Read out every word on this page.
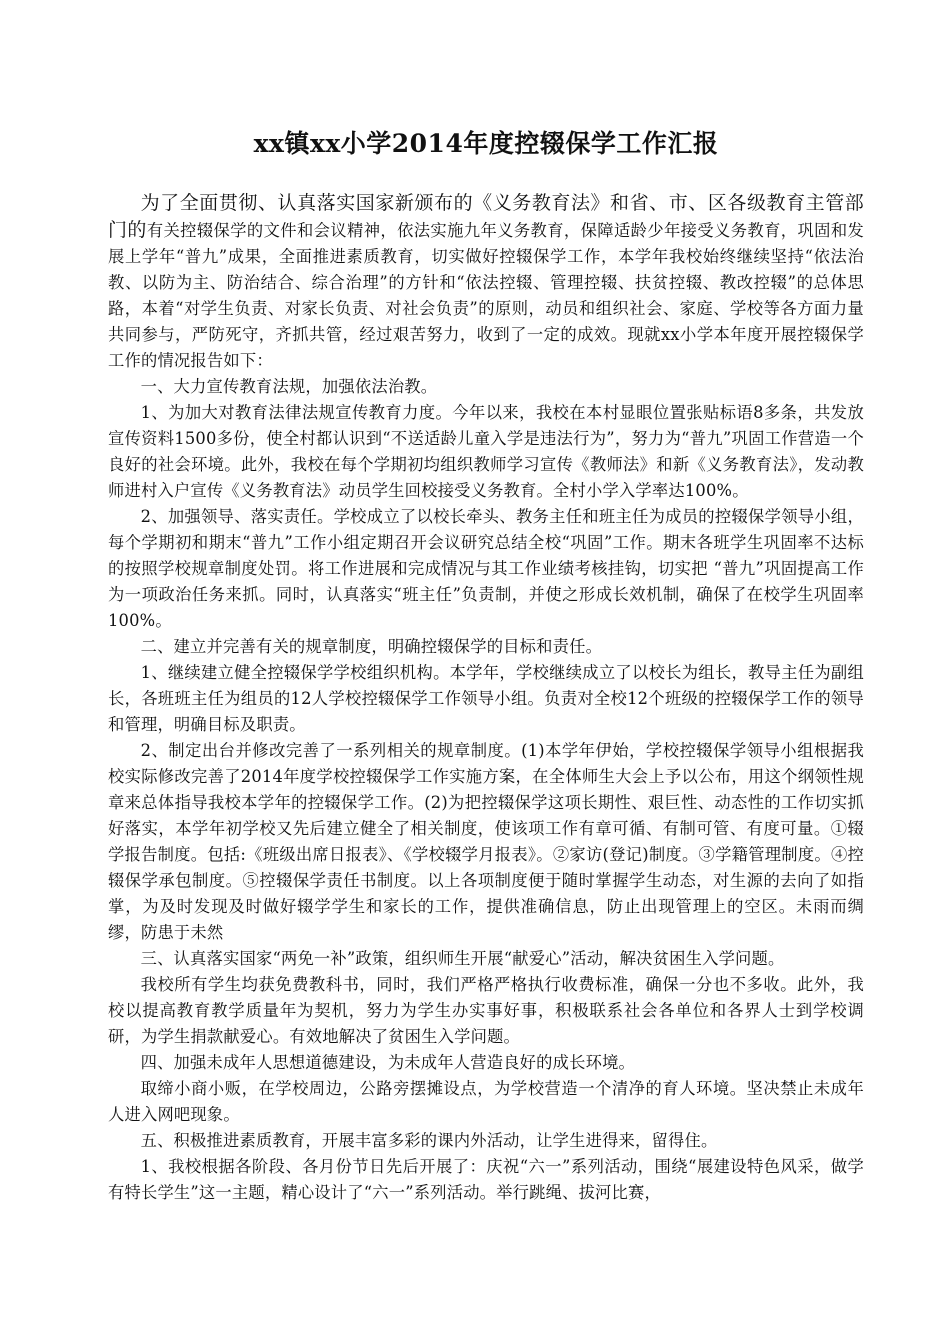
xx镇xx小学2014年度控辍保学工作汇报

为了全面贯彻、认真落实国家新颁布的《义务教育法》和省、市、区各级教育主管部门的有关控辍保学的文件和会议精神，依法实施九年义务教育，保障适龄少年接受义务教育，巩固和发展上学年“普九”成果，全面推进素质教育，切实做好控辍保学工作，本学年我校始终继续坚持“依法治教、以防为主、防治结合、综合治理”的方针和“依法控辍、管理控辍、扶贫控辍、教改控辍”的总体思路，本着“对学生负责、对家长负责、对社会负责”的原则，动员和组织社会、家庭、学校等各方面力量共同参与，严防死守，齐抓共管，经过艰苦努力，收到了一定的成效。现就xx小学本年度开展控辍保学工作的情况报告如下：

一、大力宣传教育法规，加强依法治教。

1、为加大对教育法律法规宣传教育力度。今年以来，我校在本村显眼位置张贴标语8多条，共发放宣传资料1500多份，使全村都认识到“不送适龄儿童入学是违法行为”，努力为“普九”巩固工作营造一个良好的社会环境。此外，我校在每个学期初均组织教师学习宣传《教师法》和新《义务教育法》，发动教师进村入户宣传《义务教育法》动员学生回校接受义务教育。全村小学入学率达100%。

2、加强领导、落实责任。学校成立了以校长牵头、教务主任和班主任为成员的控辍保学领导小组，每个学期初和期末“普九”工作小组定期召开会议研究总结全校“巩固”工作。期末各班学生巩固率不达标的按照学校规章制度处罚。将工作进展和完成情况与其工作业绩考核挂钩，切实把 “普九”巩固提高工作为一项政治任务来抓。同时，认真落实“班主任”负责制，并使之形成长效机制，确保了在校学生巩固率100%。

二、建立并完善有关的规章制度，明确控辍保学的目标和责任。

1、继续建立健全控辍保学学校组织机构。本学年，学校继续成立了以校长为组长，教导主任为副组长，各班班主任为组员的12人学校控辍保学工作领导小组。负责对全校12个班级的控辍保学工作的领导和管理，明确目标及职责。

2、制定出台并修改完善了一系列相关的规章制度。(1)本学年伊始，学校控辍保学领导小组根据我校实际修改完善了2014年度学校控辍保学工作实施方案，在全体师生大会上予以公布，用这个纲领性规章来总体指导我校本学年的控辍保学工作。(2)为把控辍保学这项长期性、艰巨性、动态性的工作切实抓好落实，本学年初学校又先后建立健全了相关制度，使该项工作有章可循、有制可管、有度可量。①辍学报告制度。包括:《班级出席日报表》、《学校辍学月报表》。②家访(登记)制度。③学籍管理制度。④控辍保学承包制度。⑤控辍保学责任书制度。以上各项制度便于随时掌握学生动态，对生源的去向了如指掌，为及时发现及时做好辍学学生和家长的工作，提供准确信息，防止出现管理上的空区。未雨而绸缪，防患于未然

三、认真落实国家“两免一补”政策，组织师生开展“献爱心”活动，解决贫困生入学问题。

我校所有学生均获免费教科书，同时，我们严格严格执行收费标准，确保一分也不多收。此外，我校以提高教育教学质量年为契机，努力为学生办实事好事，积极联系社会各单位和各界人士到学校调研，为学生捐款献爱心。有效地解决了贫困生入学问题。

四、加强未成年人思想道德建设，为未成年人营造良好的成长环境。

取缔小商小贩，在学校周边，公路旁摆摊设点，为学校营造一个清净的育人环境。坚决禁止未成年人进入网吧现象。

五、积极推进素质教育，开展丰富多彩的课内外活动，让学生进得来，留得住。

1、我校根据各阶段、各月份节日先后开展了：庆祝“六一”系列活动，围绕“展建设特色风采，做学有特长学生”这一主题，精心设计了“六一”系列活动。举行跳绳、拔河比赛，
